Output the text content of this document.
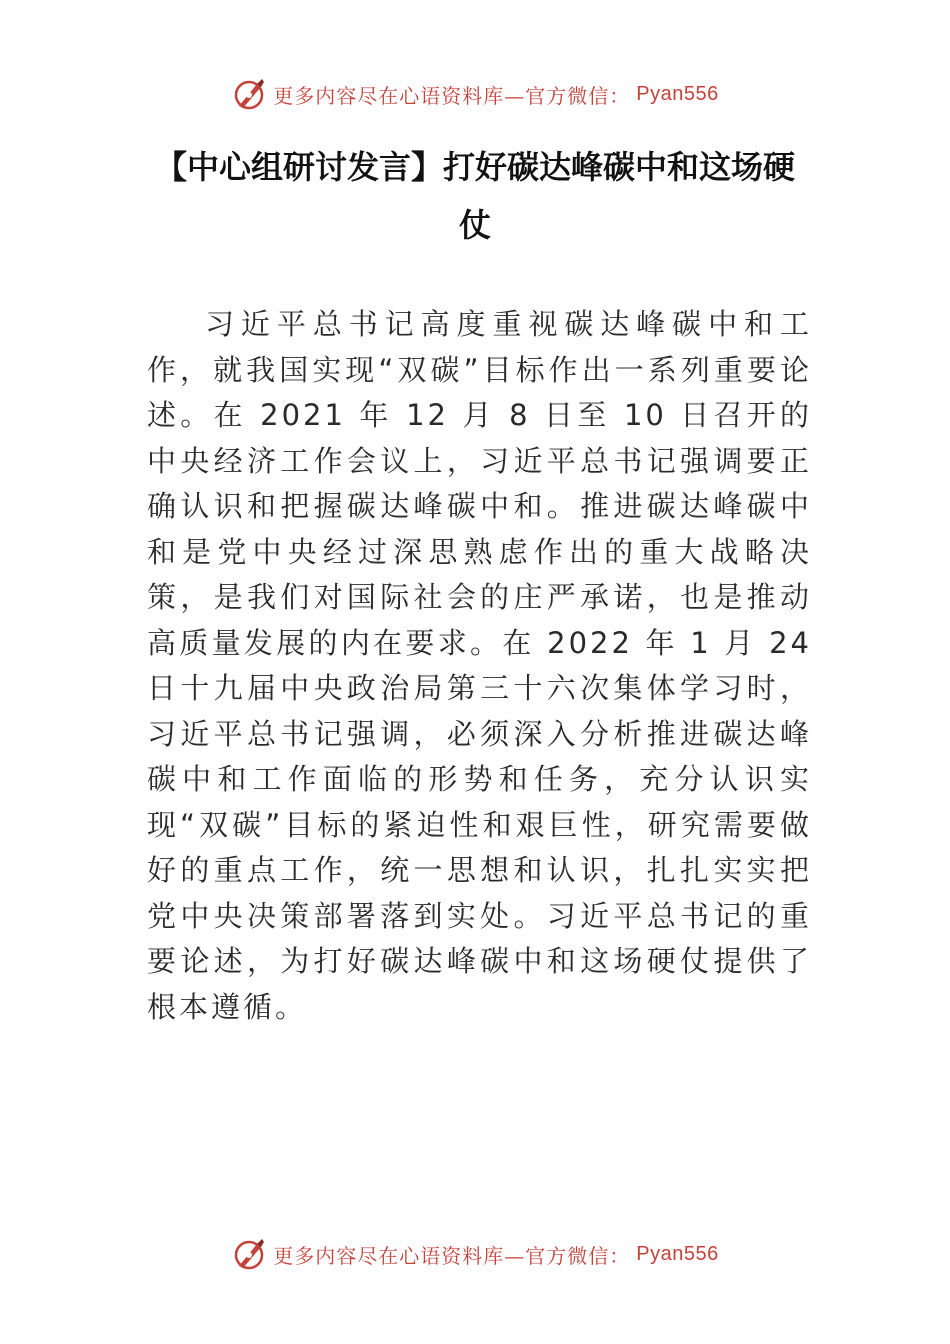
更多内容尽在心语资料库—官方微信： Pyan556
【中心组研讨发言】打好碳达峰碳中和这场硬仗

习近平总书记高度重视碳达峰碳中和工作，就我国实现“双碳”目标作出一系列重要论述。在 2021 年 12 月 8 日至 10 日召开的中央经济工作会议上，习近平总书记强调要正确认识和把握碳达峰碳中和。推进碳达峰碳中和是党中央经过深思熟虑作出的重大战略决策，是我们对国际社会的庄严承诺，也是推动高质量发展的内在要求。在 2022 年 1 月 24 日十九届中央政治局第三十六次集体学习时，习近平总书记强调，必须深入分析推进碳达峰碳中和工作面临的形势和任务，充分认识实现“双碳”目标的紧迫性和艰巨性，研究需要做好的重点工作，统一思想和认识，扎扎实实把党中央决策部署落到实处。习近平总书记的重要论述，为打好碳达峰碳中和这场硬仗提供了根本遵循。

更多内容尽在心语资料库—官方微信： Pyan556
